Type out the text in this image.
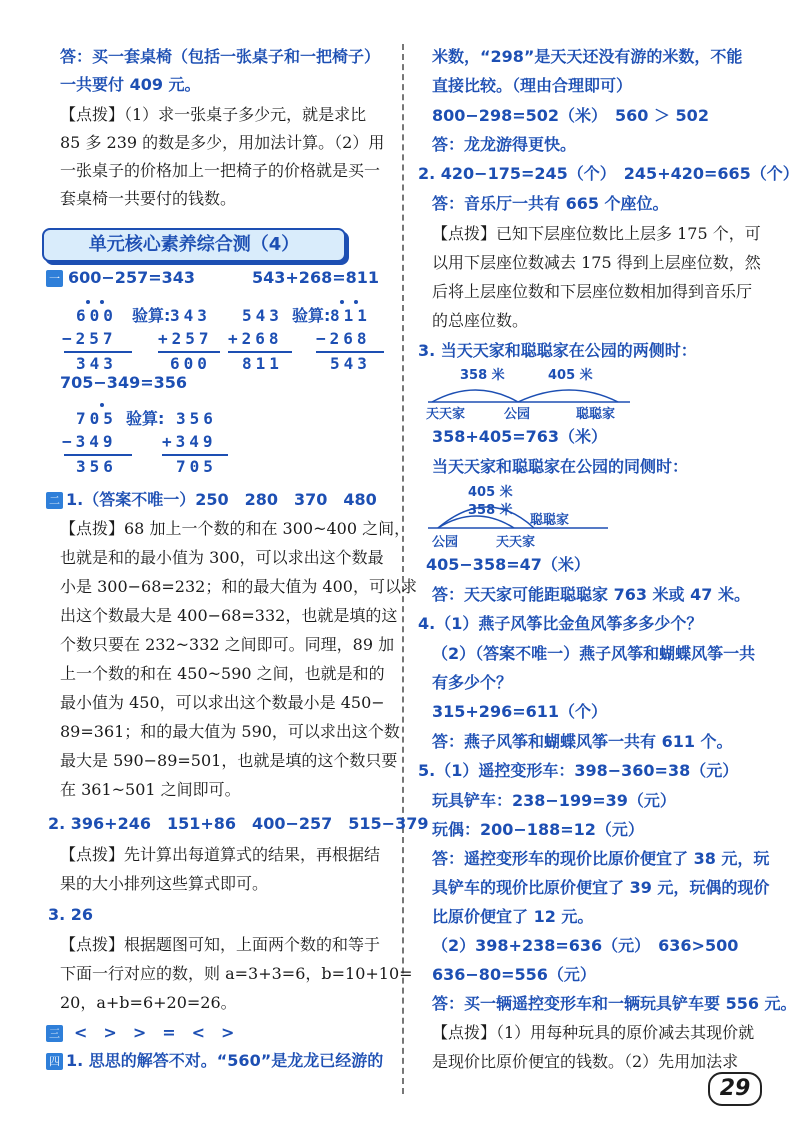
答：买一套桌椅（包括一张桌子和一把椅子）
一共要付 409 元。
【点拨】（1）求一张桌子多少元，就是求比
85 多 239 的数是多少，用加法计算。（2）用
一张桌子的价格加上一把椅子的价格就是买一
套桌椅一共要付的钱数。
单元核心素养综合测（4）
一 600−257=343	543+268=811
600
−257
343
验算: 343
+257
600
543
+268
811
验算: 811
−268
543
705−349=356
705
−349
356
验算: 356
+349
705
二 1.（答案不唯一）250　280　370　480
【点拨】68 加上一个数的和在 300~400 之间，
也就是和的最小值为 300，可以求出这个数最
小是 300−68=232；和的最大值为 400，可以求
出这个数最大是 400−68=332，也就是填的这
个数只要在 232~332 之间即可。同理，89 加
上一个数的和在 450~590 之间，也就是和的
最小值为 450，可以求出这个数最小是 450−
89=361；和的最大值为 590，可以求出这个数
最大是 590−89=501，也就是填的这个数只要
在 361~501 之间即可。
2. 396+246　151+86　400−257　515−379
【点拨】先计算出每道算式的结果，再根据结
果的大小排列这些算式即可。
3. 26
【点拨】根据题图可知，上面两个数的和等于
下面一行对应的数，则 a=3+3=6，b=10+10=
20，a+b=6+20=26。
三 <　>　>　=　<　>
四 1. 思思的解答不对。“560”是龙龙已经游的
米数，“298”是天天还没有游的米数，不能
直接比较。（理由合理即可）
800−298=502（米）　560 ＞ 502
答：龙龙游得更快。
2. 420−175=245（个）　245+420=665（个）
答：音乐厅一共有 665 个座位。
【点拨】已知下层座位数比上层多 175 个，可
以用下层座位数减去 175 得到上层座位数，然
后将上层座位数和下层座位数相加得到音乐厅
的总座位数。
3. 当天天家和聪聪家在公园的两侧时：
358 米	405 米
天天家	公园	聪聪家
358+405=763（米）
当天天家和聪聪家在公园的同侧时：
405 米
358 米
公园	天天家
聪聪家
405−358=47（米）
答：天天家可能距聪聪家 763 米或 47 米。
4.（1）燕子风筝比金鱼风筝多多少个？
（2）（答案不唯一）燕子风筝和蝴蝶风筝一共
有多少个？
315+296=611（个）
答：燕子风筝和蝴蝶风筝一共有 611 个。
5.（1）遥控变形车：398−360=38（元）
玩具铲车：238−199=39（元）
玩偶：200−188=12（元）
答：遥控变形车的现价比原价便宜了 38 元，玩
具铲车的现价比原价便宜了 39 元，玩偶的现价
比原价便宜了 12 元。
（2）398+238=636（元）　636>500
636−80=556（元）
答：买一辆遥控变形车和一辆玩具铲车要 556 元。
【点拨】（1）用每种玩具的原价减去其现价就
是现价比原价便宜的钱数。（2）先用加法求
29
